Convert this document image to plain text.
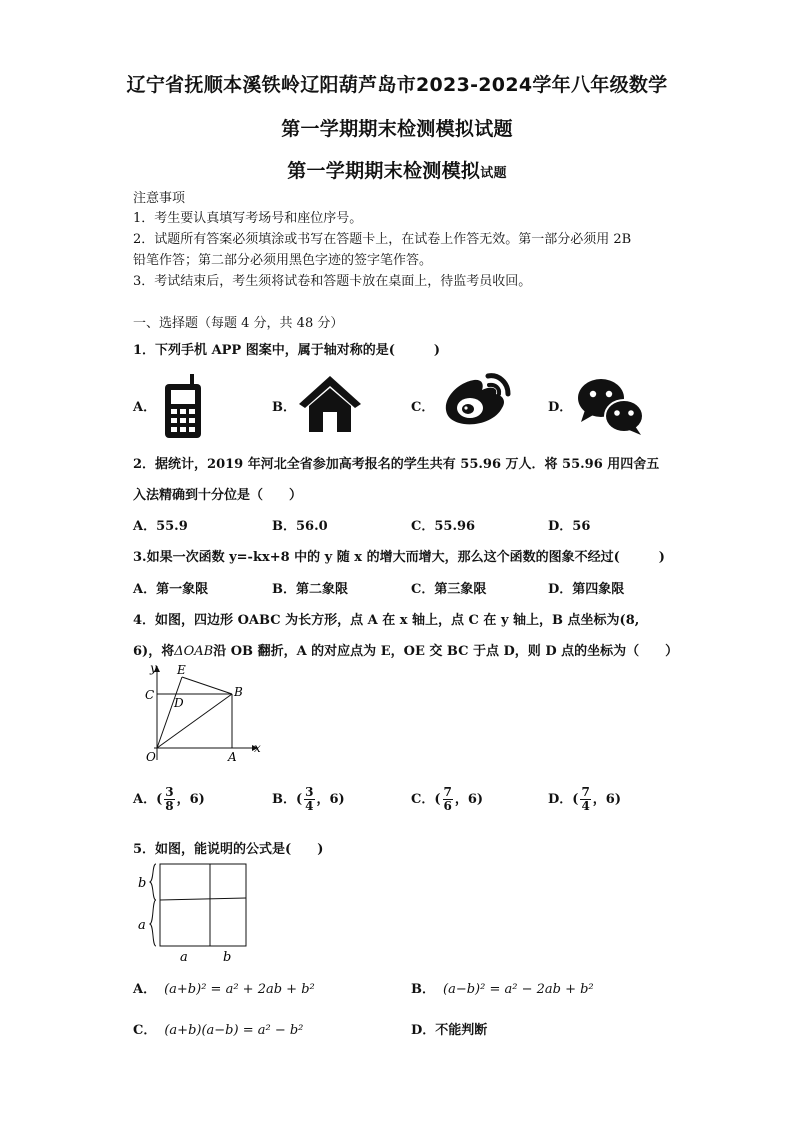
辽宁省抚顺本溪铁岭辽阳葫芦岛市2023-2024学年八年级数学
第一学期期末检测模拟试题
第一学期期末检测模拟试题
注意事项
1．考生要认真填写考场号和座位序号。
2．试题所有答案必须填涂或书写在答题卡上，在试卷上作答无效。第一部分必须用 2B
铅笔作答；第二部分必须用黑色字迹的签字笔作答。
3．考试结束后，考生须将试卷和答题卡放在桌面上，待监考员收回。
一、选择题（每题 4 分，共 48 分）
1．下列手机 APP 图案中，属于轴对称的是(　　　)
A．	B．	C．	D．
2．据统计，2019 年河北全省参加高考报名的学生共有 55.96 万人．将 55.96 用四舍五
入法精确到十分位是（　　）
A．55.9	B．56.0	C．55.96	D．56
3.如果一次函数 y=-kx+8 中的 y 随 x 的增大而增大，那么这个函数的图象不经过(　　　)
A．第一象限	B．第二象限	C．第三象限	D．第四象限
4．如图，四边形 OABC 为长方形，点 A 在 x 轴上，点 C 在 y 轴上，B 点坐标为(8,
6)，将ΔOAB沿 OB 翻折，A 的对应点为 E，OE 交 BC 于点 D，则 D 点的坐标为（　　）
y
x
C
E
B
D
O	A
A．( $\frac{3}{8}$ ，6)	B．( $\frac{3}{4}$ ，6)	C．( $\frac{7}{6}$ ，6)	D．( $\frac{7}{4}$ ，6)
5．如图，能说明的公式是(　　)
b
a
a	b
A． (a+b)² = a² + 2ab + b²	B． (a−b)² = a² − 2ab + b²
C． (a+b)(a−b) = a² − b²	D．不能判断
